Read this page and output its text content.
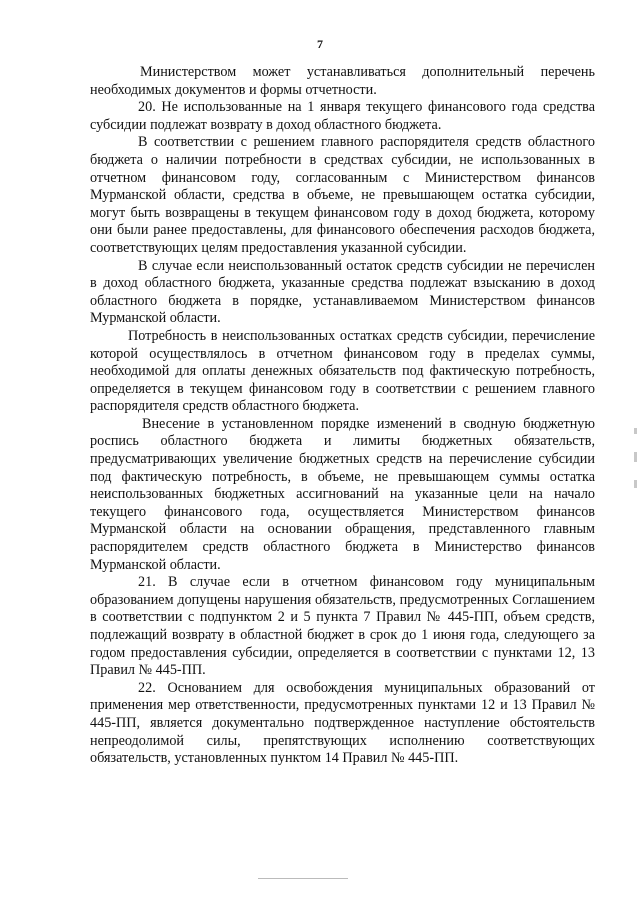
7

Министерством может устанавливаться дополнительный перечень необходимых документов и формы отчетности.

20. Не использованные на 1 января текущего финансового года средства субсидии подлежат возврату в доход областного бюджета.

В соответствии с решением главного распорядителя средств областного бюджета о наличии потребности в средствах субсидии, не использованных в отчетном финансовом году, согласованным с Министерством финансов Мурманской области, средства в объеме, не превышающем остатка субсидии, могут быть возвращены в текущем финансовом году в доход бюджета, которому они были ранее предоставлены, для финансового обеспечения расходов бюджета, соответствующих целям предоставления указанной субсидии.

В случае если неиспользованный остаток средств субсидии не перечислен в доход областного бюджета, указанные средства подлежат взысканию в доход областного бюджета в порядке, устанавливаемом Министерством финансов Мурманской области.

Потребность в неиспользованных остатках средств субсидии, перечисление которой осуществлялось в отчетном финансовом году в пределах суммы, необходимой для оплаты денежных обязательств под фактическую потребность, определяется в текущем финансовом году в соответствии с решением главного распорядителя средств областного бюджета.

Внесение в установленном порядке изменений в сводную бюджетную роспись областного бюджета и лимиты бюджетных обязательств, предусматривающих увеличение бюджетных средств на перечисление субсидии под фактическую потребность, в объеме, не превышающем суммы остатка неиспользованных бюджетных ассигнований на указанные цели на начало текущего финансового года, осуществляется Министерством финансов Мурманской области на основании обращения, представленного главным распорядителем средств областного бюджета в Министерство финансов Мурманской области.

21. В случае если в отчетном финансовом году муниципальным образованием допущены нарушения обязательств, предусмотренных Соглашением в соответствии с подпунктом 2 и 5 пункта 7 Правил № 445-ПП, объем средств, подлежащий возврату в областной бюджет в срок до 1 июня года, следующего за годом предоставления субсидии, определяется в соответствии с пунктами 12, 13 Правил № 445-ПП.

22. Основанием для освобождения муниципальных образований от применения мер ответственности, предусмотренных пунктами 12 и 13 Правил № 445-ПП, является документально подтвержденное наступление обстоятельств непреодолимой силы, препятствующих исполнению соответствующих обязательств, установленных пунктом 14 Правил № 445-ПП.
